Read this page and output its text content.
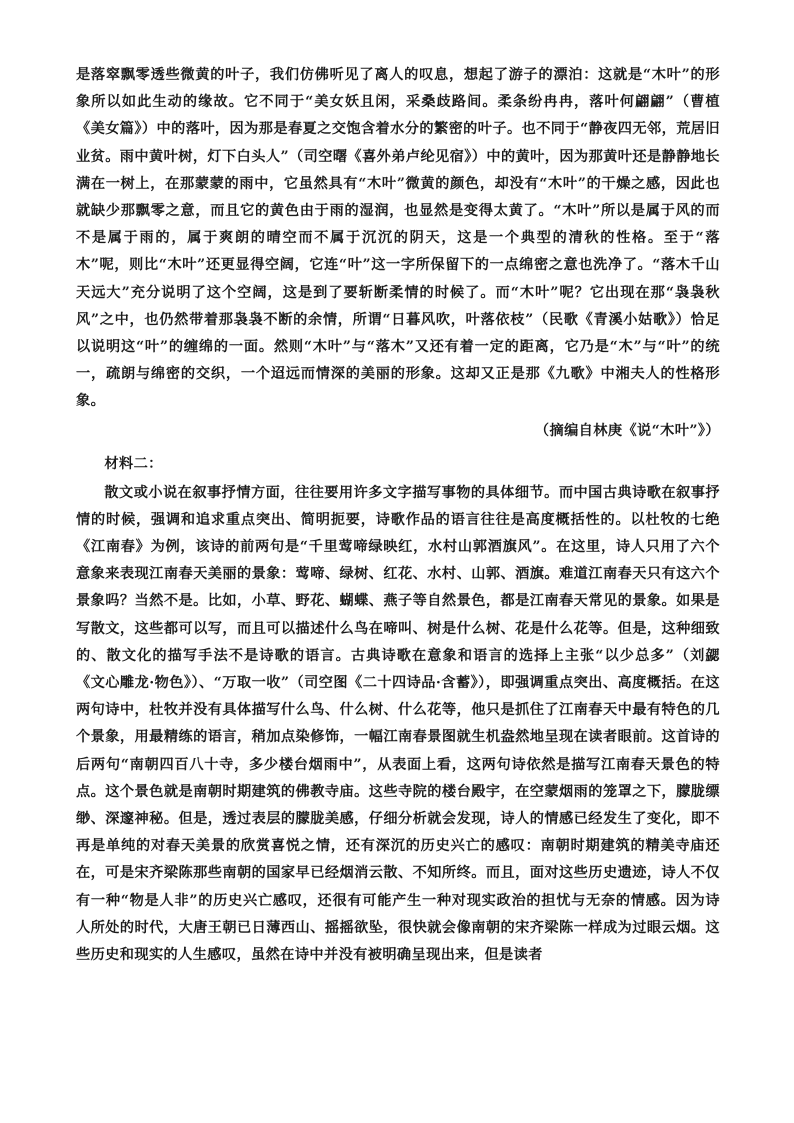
是落窣飘零透些微黄的叶子，我们仿佛听见了离人的叹息，想起了游子的漂泊：这就是“木叶”的形象所以如此生动的缘故。它不同于“美女妖且闲，采桑歧路间。柔条纷冉冉，落叶何翩翩”（曹植《美女篇》）中的落叶，因为那是春夏之交饱含着水分的繁密的叶子。也不同于“静夜四无邻，荒居旧业贫。雨中黄叶树，灯下白头人”（司空曙《喜外弟卢纶见宿》）中的黄叶，因为那黄叶还是静静地长满在一树上，在那蒙蒙的雨中，它虽然具有“木叶”微黄的颜色，却没有“木叶”的干燥之感，因此也就缺少那飘零之意，而且它的黄色由于雨的湿润，也显然是变得太黄了。“木叶”所以是属于风的而不是属于雨的，属于爽朗的晴空而不属于沉沉的阴天，这是一个典型的清秋的性格。至于“落木”呢，则比“木叶”还更显得空阔，它连“叶”这一字所保留下的一点绵密之意也洗净了。“落木千山天远大”充分说明了这个空阔，这是到了要斩断柔情的时候了。而“木叶”呢？它出现在那“袅袅秋风”之中，也仍然带着那袅袅不断的余情，所谓“日暮风吹，叶落依枝”（民歌《青溪小姑歌》）恰足以说明这“叶”的缠绵的一面。然则“木叶”与“落木”又还有着一定的距离，它乃是“木”与“叶”的统一，疏朗与绵密的交织，一个迢远而情深的美丽的形象。这却又正是那《九歌》中湘夫人的性格形象。

（摘编自林庚《说“木叶”》）

材料二：

散文或小说在叙事抒情方面，往往要用许多文字描写事物的具体细节。而中国古典诗歌在叙事抒情的时候，强调和追求重点突出、简明扼要，诗歌作品的语言往往是高度概括性的。以杜牧的七绝《江南春》为例，该诗的前两句是“千里莺啼绿映红，水村山郭酒旗风”。在这里，诗人只用了六个意象来表现江南春天美丽的景象：莺啼、绿树、红花、水村、山郭、酒旗。难道江南春天只有这六个景象吗？当然不是。比如，小草、野花、蝴蝶、燕子等自然景色，都是江南春天常见的景象。如果是写散文，这些都可以写，而且可以描述什么鸟在啼叫、树是什么树、花是什么花等。但是，这种细致的、散文化的描写手法不是诗歌的语言。古典诗歌在意象和语言的选择上主张“以少总多”（刘勰《文心雕龙·物色》）、“万取一收”（司空图《二十四诗品·含蓄》），即强调重点突出、高度概括。在这两句诗中，杜牧并没有具体描写什么鸟、什么树、什么花等，他只是抓住了江南春天中最有特色的几个景象，用最精练的语言，稍加点染修饰，一幅江南春景图就生机盎然地呈现在读者眼前。这首诗的后两句“南朝四百八十寺，多少楼台烟雨中”，从表面上看，这两句诗依然是描写江南春天景色的特点。这个景色就是南朝时期建筑的佛教寺庙。这些寺院的楼台殿宇，在空蒙烟雨的笼罩之下，朦胧缥缈、深邃神秘。但是，透过表层的朦胧美感，仔细分析就会发现，诗人的情感已经发生了变化，即不再是单纯的对春天美景的欣赏喜悦之情，还有深沉的历史兴亡的感叹：南朝时期建筑的精美寺庙还在，可是宋齐梁陈那些南朝的国家早已经烟消云散、不知所终。而且，面对这些历史遗迹，诗人不仅有一种“物是人非”的历史兴亡感叹，还很有可能产生一种对现实政治的担忧与无奈的情感。因为诗人所处的时代，大唐王朝已日薄西山、摇摇欲坠，很快就会像南朝的宋齐梁陈一样成为过眼云烟。这些历史和现实的人生感叹，虽然在诗中并没有被明确呈现出来，但是读者
